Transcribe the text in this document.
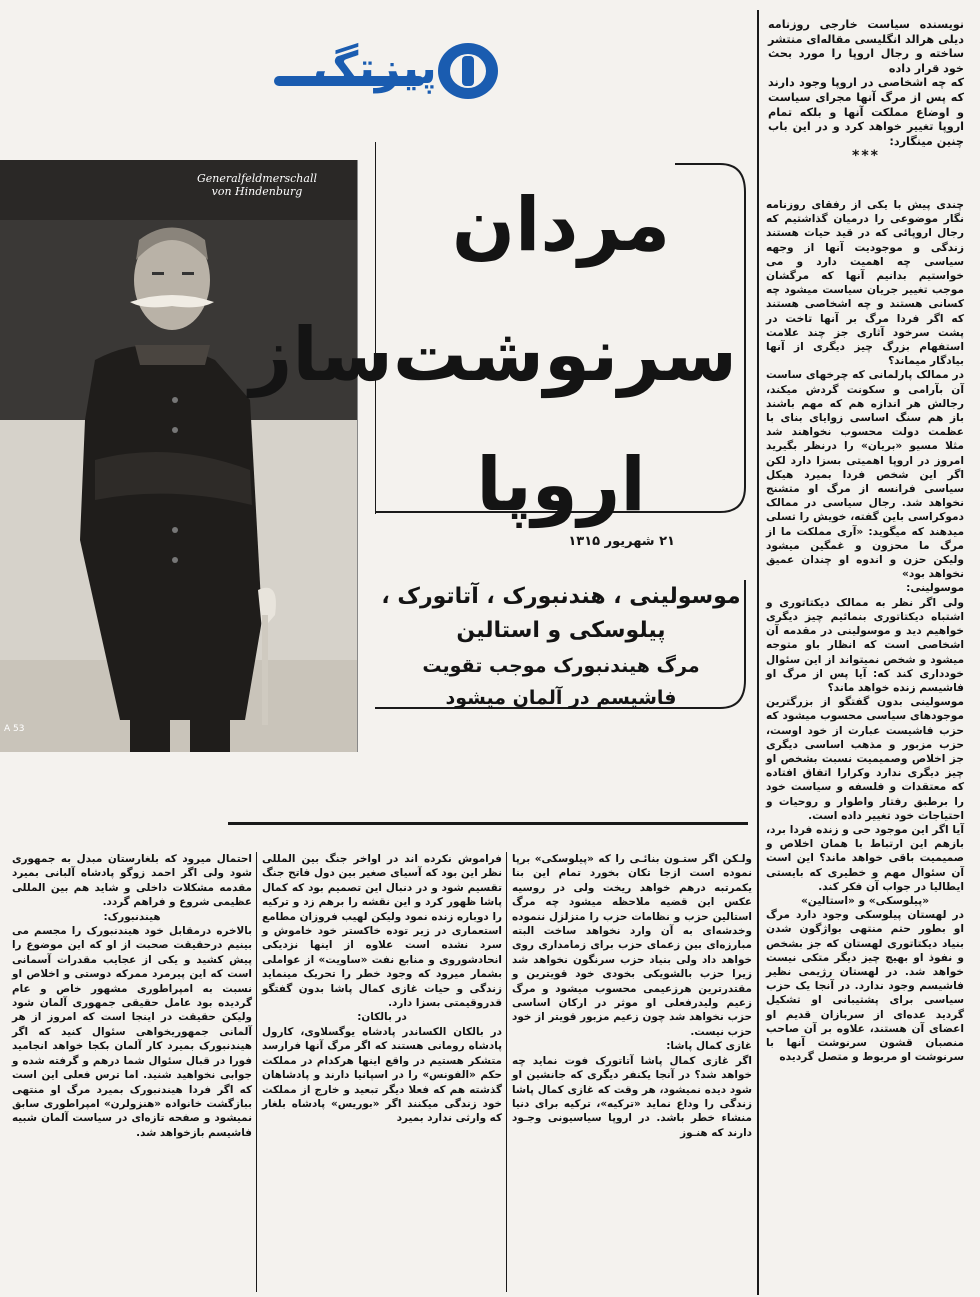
پیزتگ
Generalfeldmerschall
von Hindenburg
A 53
مردان
سرنوشت‌ساز
اروپا
۲۱ شهریور ۱۳۱۵
موسولینی ، هندنبورک ، آتاتورک ،
پیلوسکی و استالین
مرگ هیندنبورک موجب تقویت
فاشیسم در آلمان میشود

نویسنده سیاست خارجی روزنامه دیلی هرالد انگلیسی مقاله‌ای منتشر ساخته و رجال اروپا را مورد بحث خود قرار داده

که چه اشخاصی در اروپا وجود دارند که پس از مرگ آنها مجرای سیاست و اوضاع مملکت آنها و بلکه تمام اروپا تغییر خواهد کرد و در این باب چنین مینگارد:

***

چندی پیش با یکی از رفقای روزنامه نگار موضوعی را درمیان گذاشتیم که رجال اروپائی که در قید حیات هستند زندگی و موجودیت آنها از وجهه سیاسی چه اهمیت دارد و می خواستیم بدانیم آنها که مرگشان موجب تغییر جریان سیاست میشود چه کسانی هستند و چه اشخاصی هستند که اگر فردا مرگ بر آنها تاخت در پشت سرخود آثاری جز چند علامت استفهام بزرگ چیز دیگری از آنها بیادگار میماند؟

در ممالک پارلمانی که چرخهای ساست آن بآرامی و سکونت گردش میکند، رجالش هر اندازه هم که مهم باشند باز هم سنگ اساسی زوایای بنای با عظمت دولت محسوب نخواهند شد مثلا مسیو «بریان» را درنظر بگیرید امروز در اروپا اهمیتی بسزا دارد لکن اگر این شخص فردا بمیرد هیکل سیاسی فرانسه از مرگ او متشنج نخواهد شد. رجال سیاسی در ممالک دموکراسی باین گفته، خویش را تسلی میدهند که میگوید: «آری مملکت ما از مرگ ما محزون و غمگین میشود ولیکن حزن و اندوه او چندان عمیق نخواهد بود»

موسولینی:

ولی اگر نظر به ممالک دیکتاتوری و اشتباه دیکتاتوری بنمائیم چیز دیگری خواهیم دید و موسولینی در مقدمه آن اشخاصی است که انظار باو متوجه میشود و شخص نمیتواند از این سئوال خودداری کند که: آیا پس از مرگ او فاشیسم زنده خواهد ماند؟

موسولینی بدون گفتگو از بزرگترین موجودهای سیاسی محسوب میشود که حزب فاشیست عبارت از خود اوست، حزب مزبور و مذهب اساسی دیگری جز اخلاص وصمیمیت نسبت بشخص او چیز دیگری ندارد وکرارا اتفاق افتاده که معتقدات و فلسفه و سیاست خود را برطبق رفتار واطوار و روحیات و احتیاجات خود تغییر داده است.

آیا اگر این موجود حی و زنده فردا برد، بازهم این ارتباط با همان اخلاص و صمیمیت باقی خواهد ماند؟ این است آن سئوال مهم و خطیری که بایستی ایطالیا در جواب آن فکر کند.

«پیلوسکی» و «استالین»

در لهستان پیلوسکی وجود دارد مرگ او بطور حتم منتهی بواژگون شدن بنیاد دیکتاتوری لهستان که جز بشخص و نفوذ او بهیچ چیز دیگر متکی نیست خواهد شد. در لهستان رژیمی نظیر فاشیسم وجود ندارد. در آنجا یک حزب سیاسی برای پشتیبانی او تشکیل گردید عده‌ای از سربازان قدیم او اعضای آن هستند، علاوه بر آن صاحب منصبان قشون سرنوشت آنها با سرنوشت او مربوط و متصل گردیده

ولـکن اگر ستـون بنائـی را که «پیلوسکی» برپا نموده است ازجا تکان بخورد تمام این بنا یکمرتبه درهم خواهد ریخت ولی در روسیه عکس این قضیه ملاحظه میشود چه مرگ استالین حزب و نظامات حزب را متزلزل ننموده وخدشه‌ای به آن وارد نخواهد ساخت البته مبارزه‌ای بین زعمای حزب برای زمامداری روی خواهد داد ولی بنیاد حزب سرنگون نخواهد شد زیرا حزب بالشویکی بخودی خود قویترین و مقتدرترین هرزعیمی محسوب میشود و مرگ زعیم ولیدرفعلی او موثر در ارکان اساسی حزب نخواهد شد چون زعیم مزبور قویتر از خود حزب نیست.

غازی کمال پاشا:

اگر غازی کمال پاشا آتاتورک فوت نماید چه خواهد شد؟ در آنجا یکنفر دیگری که جانشین او شود دیده نمیشود، هر وقت که غازی کمال پاشا زندگی را وداع نماید «ترکیه»، ترکیه برای دنیا منشاء خطر باشد. در اروپا سیاسیونی وجـود دارند که هنـوز

فراموش نکرده اند در اواخر جنگ بین المللی نظر این بود که آسیای صغیر بین دول فاتح جنگ تقسیم شود و در دنبال این تصمیم بود که کمال پاشا ظهور کرد و این نقشه را برهم زد و ترکیه را دوباره زنده نمود ولیکن لهیب فروزان مطامع استعماری در زیر توده خاکستر خود خاموش و سرد نشده است علاوه از اینها نزدیکی انحادشوروی و منابع نفت «ساویت» از عواملی بشمار میرود که وجود خطر را تحریک مینماید زندگی و حیات غازی کمال پاشا بدون گفتگو قدروقیمتی بسزا دارد.

در بالکان:

در بالکان الکساندر پادشاه یوگسلاوی، کارول پادشاه رومانی هستند که اگر مرگ آنها فرارسد متشکر هستیم در واقع اینها هرکدام در مملکت حکم «الفونس» را در اسپانیا دارند و پادشاهان گذشته هم که فعلا دیگر تبعید و خارج از مملکت خود زندگی میکنند اگر «بوریس» پادشاه بلغار که وارثی ندارد بمیرد

احتمال میرود که بلغارستان مبدل به جمهوری شود ولی اگر احمد زوگو پادشاه آلبانی بمیرد مقدمه مشکلات داخلی و شاید هم بین المللی عظیمی شروع و فراهم گردد.

هیندنبورک:

بالاخره درمقابل خود هیندنبورک را مجسم می بینیم درحقیقت صحبت از او که این موضوع را پیش کشید و یکی از عجایب مقدرات آسمانی است که این پیرمرد ممرکه دوستی و اخلاص او نسبت به امپراطوری مشهور خاص و عام گردیده بود عامل حقیقی جمهوری آلمان شود ولیکن حقیقت در اینجا است که امروز از هر آلمانی جمهوریخواهی سئوال کنید که اگر هیندنبورک بمیرد کار آلمان بکجا خواهد انجامید فورا در قبال سئوال شما درهم و گرفته شده و جوابی نخواهید شنید. اما ترس فعلی این است که اگر فردا هیندنبورک بمیرد مرگ او منتهی ببازگشت خانواده «هنزولرن» امپراطوری سابق نمیشود و صفحه تازه‌ای در سیاست آلمان شبیه فاشیسم بازخواهد شد.
